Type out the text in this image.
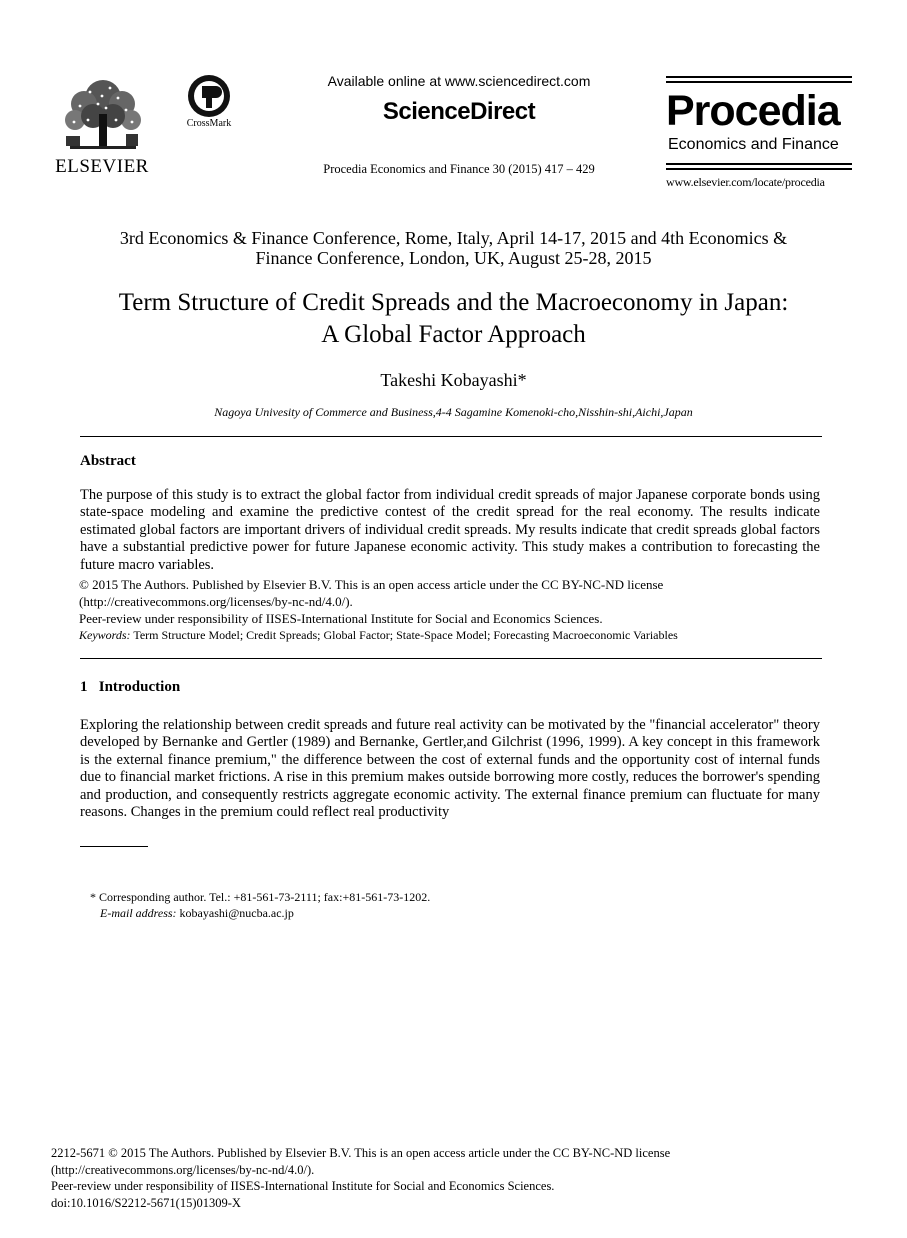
ELSEVIER
CrossMark
Available online at www.sciencedirect.com
ScienceDirect
Procedia Economics and Finance 30 (2015) 417 – 429
Procedia
Economics and Finance
www.elsevier.com/locate/procedia
3rd Economics & Finance Conference, Rome, Italy, April 14-17, 2015 and 4th Economics &
Finance Conference, London, UK, August 25-28, 2015
Term Structure of Credit Spreads and the Macroeconomy in Japan:
A Global Factor Approach
Takeshi Kobayashi*
Nagoya Univesity of Commerce and Business,4-4 Sagamine Komenoki-cho,Nisshin-shi,Aichi,Japan
Abstract
The purpose of this study is to extract the global factor from individual credit spreads of major Japanese corporate bonds using state-space modeling and examine the predictive contest of the credit spread for the real economy. The results indicate estimated global factors are important drivers of individual credit spreads. My results indicate that credit spreads global factors have a substantial predictive power for future Japanese economic activity. This study makes a contribution to forecasting the future macro variables.
© 2015 The Authors. Published by Elsevier B.V. This is an open access article under the CC BY-NC-ND license
(http://creativecommons.org/licenses/by-nc-nd/4.0/).
Peer-review under responsibility of IISES-International Institute for Social and Economics Sciences.
Keywords: Term Structure Model; Credit Spreads; Global Factor; State-Space Model; Forecasting Macroeconomic Variables
1   Introduction
Exploring the relationship between credit spreads and future real activity can be motivated by the "financial accelerator" theory developed by Bernanke and Gertler (1989) and Bernanke, Gertler,and Gilchrist (1996, 1999). A key concept in this framework is the external finance premium," the difference between the cost of external funds and the opportunity cost of internal funds due to financial market frictions. A rise in this premium makes outside borrowing more costly, reduces the borrower's spending and production, and consequently restricts aggregate economic activity. The external finance premium can fluctuate for many reasons. Changes in the premium could reflect real productivity
* Corresponding author. Tel.: +81-561-73-2111; fax:+81-561-73-1202.
E-mail address: kobayashi@nucba.ac.jp
2212-5671 © 2015 The Authors. Published by Elsevier B.V. This is an open access article under the CC BY-NC-ND license
(http://creativecommons.org/licenses/by-nc-nd/4.0/).
Peer-review under responsibility of IISES-International Institute for Social and Economics Sciences.
doi:10.1016/S2212-5671(15)01309-X
